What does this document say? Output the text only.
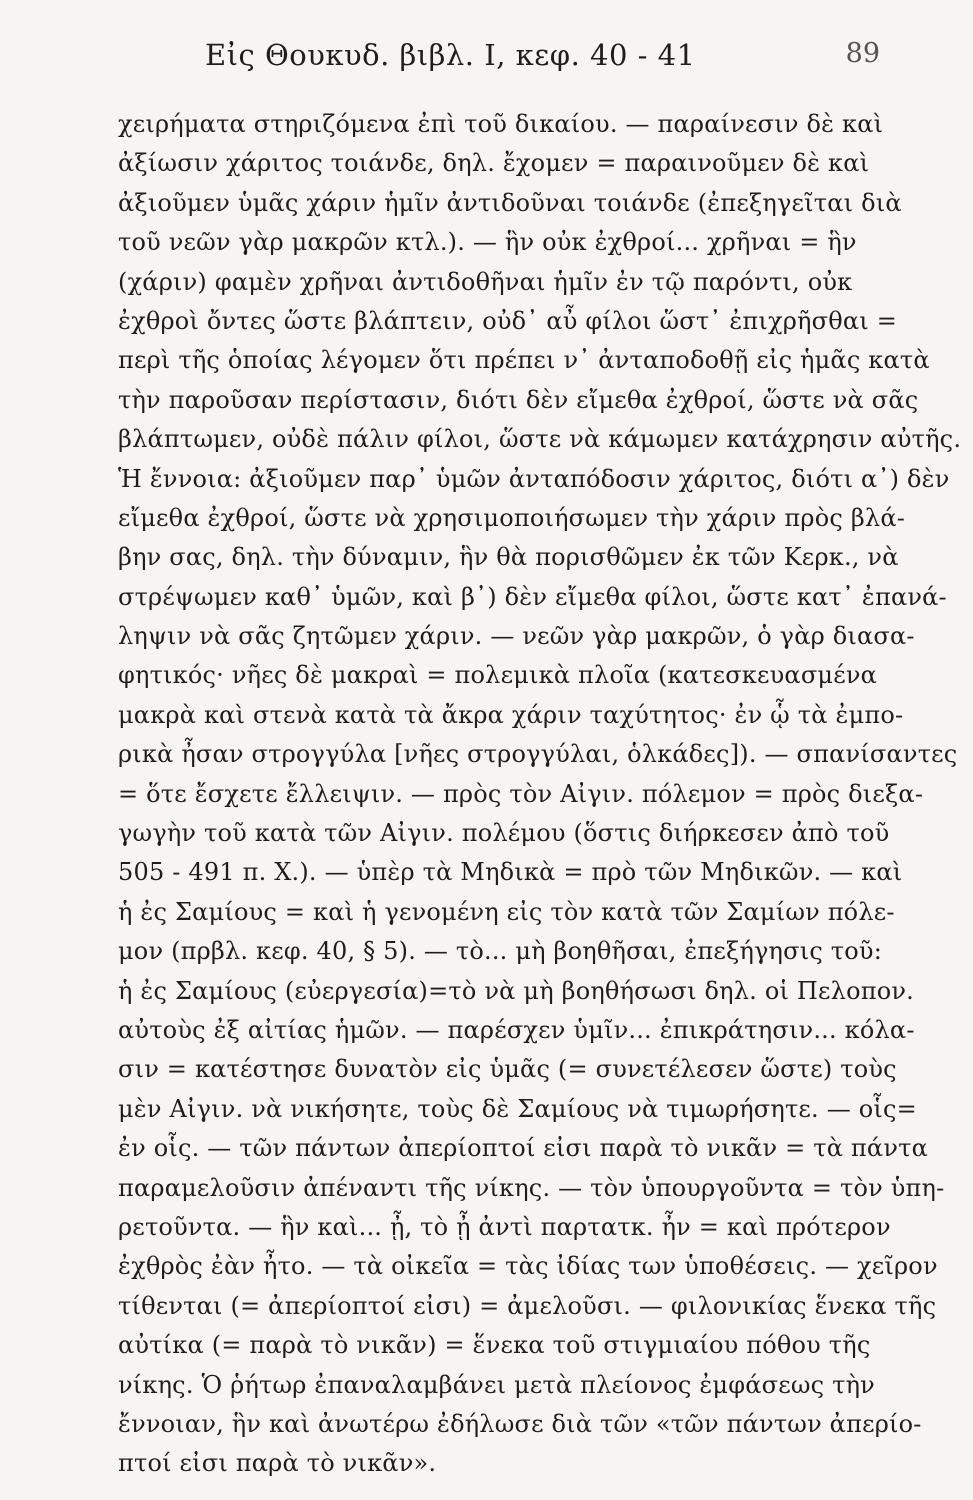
Εἰς Θουκυδ. βιβλ. I, κεφ. 40 - 41	89
χειρήματα στηριζόμενα ἐπὶ τοῦ δικαίου. — παραίνεσιν δὲ καὶ
ἀξίωσιν χάριτος τοιάνδε, δηλ. ἔχομεν = παραινοῦμεν δὲ καὶ
ἀξιοῦμεν ὑμᾶς χάριν ἡμῖν ἀντιδοῦναι τοιάνδε (ἐπεξηγεῖται διὰ
τοῦ νεῶν γὰρ μακρῶν κτλ.). — ἣν οὐκ ἐχθροί... χρῆναι = ἣν
(χάριν) φαμὲν χρῆναι ἀντιδοθῆναι ἡμῖν ἐν τῷ παρόντι, οὐκ
ἐχθροὶ ὄντες ὥστε βλάπτειν, οὐδ᾽ αὖ φίλοι ὥστ᾽ ἐπιχρῆσθαι =
περὶ τῆς ὁποίας λέγομεν ὅτι πρέπει ν᾽ ἀνταποδοθῇ εἰς ἡμᾶς κατὰ
τὴν παροῦσαν περίστασιν, διότι δὲν εἴμεθα ἐχθροί, ὥστε νὰ σᾶς
βλάπτωμεν, οὐδὲ πάλιν φίλοι, ὥστε νὰ κάμωμεν κατάχρησιν αὐτῆς.
Ἡ ἔννοια: ἀξιοῦμεν παρ᾽ ὑμῶν ἀνταπόδοσιν χάριτος, διότι α᾽) δὲν
εἴμεθα ἐχθροί, ὥστε νὰ χρησιμοποιήσωμεν τὴν χάριν πρὸς βλά-
βην σας, δηλ. τὴν δύναμιν, ἣν θὰ πορισθῶμεν ἐκ τῶν Κερκ., νὰ
στρέψωμεν καθ᾽ ὑμῶν, καὶ β᾽) δὲν εἴμεθα φίλοι, ὥστε κατ᾽ ἐπανά-
ληψιν νὰ σᾶς ζητῶμεν χάριν. — νεῶν γὰρ μακρῶν, ὁ γὰρ διασα-
φητικός· νῆες δὲ μακραὶ = πολεμικὰ πλοῖα (κατεσκευασμένα
μακρὰ καὶ στενὰ κατὰ τὰ ἄκρα χάριν ταχύτητος· ἐν ᾧ τὰ ἐμπο-
ρικὰ ἦσαν στρογγύλα [νῆες στρογγύλαι, ὁλκάδες]). — σπανίσαντες
= ὅτε ἔσχετε ἔλλειψιν. — πρὸς τὸν Αἰγιν. πόλεμον = πρὸς διεξα-
γωγὴν τοῦ κατὰ τῶν Αἰγιν. πολέμου (ὅστις διήρκεσεν ἀπὸ τοῦ
505 - 491 π. Χ.). — ὑπὲρ τὰ Μηδικὰ = πρὸ τῶν Μηδικῶν. — καὶ
ἡ ἐς Σαμίους = καὶ ἡ γενομένη εἰς τὸν κατὰ τῶν Σαμίων πόλε-
μον (πρβλ. κεφ. 40, § 5). — τὸ... μὴ βοηθῆσαι, ἐπεξήγησις τοῦ:
ἡ ἐς Σαμίους (εὐεργεσία)=τὸ νὰ μὴ βοηθήσωσι δηλ. οἱ Πελοπον.
αὐτοὺς ἐξ αἰτίας ἡμῶν. — παρέσχεν ὑμῖν... ἐπικράτησιν... κόλα-
σιν = κατέστησε δυνατὸν εἰς ὑμᾶς (= συνετέλεσεν ὥστε) τοὺς
μὲν Αἰγιν. νὰ νικήσητε, τοὺς δὲ Σαμίους νὰ τιμωρήσητε. — οἷς=
ἐν οἷς. — τῶν πάντων ἀπερίοπτοί εἰσι παρὰ τὸ νικᾶν = τὰ πάντα
παραμελοῦσιν ἀπέναντι τῆς νίκης. — τὸν ὑπουργοῦντα = τὸν ὑπη-
ρετοῦντα. — ἣν καὶ... ᾖ, τὸ ᾖ ἀντὶ παρτατκ. ἦν = καὶ πρότερον
ἐχθρὸς ἐὰν ἦτο. — τὰ οἰκεῖα = τὰς ἰδίας των ὑποθέσεις. — χεῖρον
τίθενται (= ἀπερίοπτοί εἰσι) = ἀμελοῦσι. — φιλονικίας ἕνεκα τῆς
αὐτίκα (= παρὰ τὸ νικᾶν) = ἕνεκα τοῦ στιγμιαίου πόθου τῆς
νίκης. Ὁ ῥήτωρ ἐπαναλαμβάνει μετὰ πλείονος ἐμφάσεως τὴν
ἔννοιαν, ἣν καὶ ἀνωτέρω ἐδήλωσε διὰ τῶν «τῶν πάντων ἀπερίο-
πτοί εἰσι παρὰ τὸ νικᾶν».
